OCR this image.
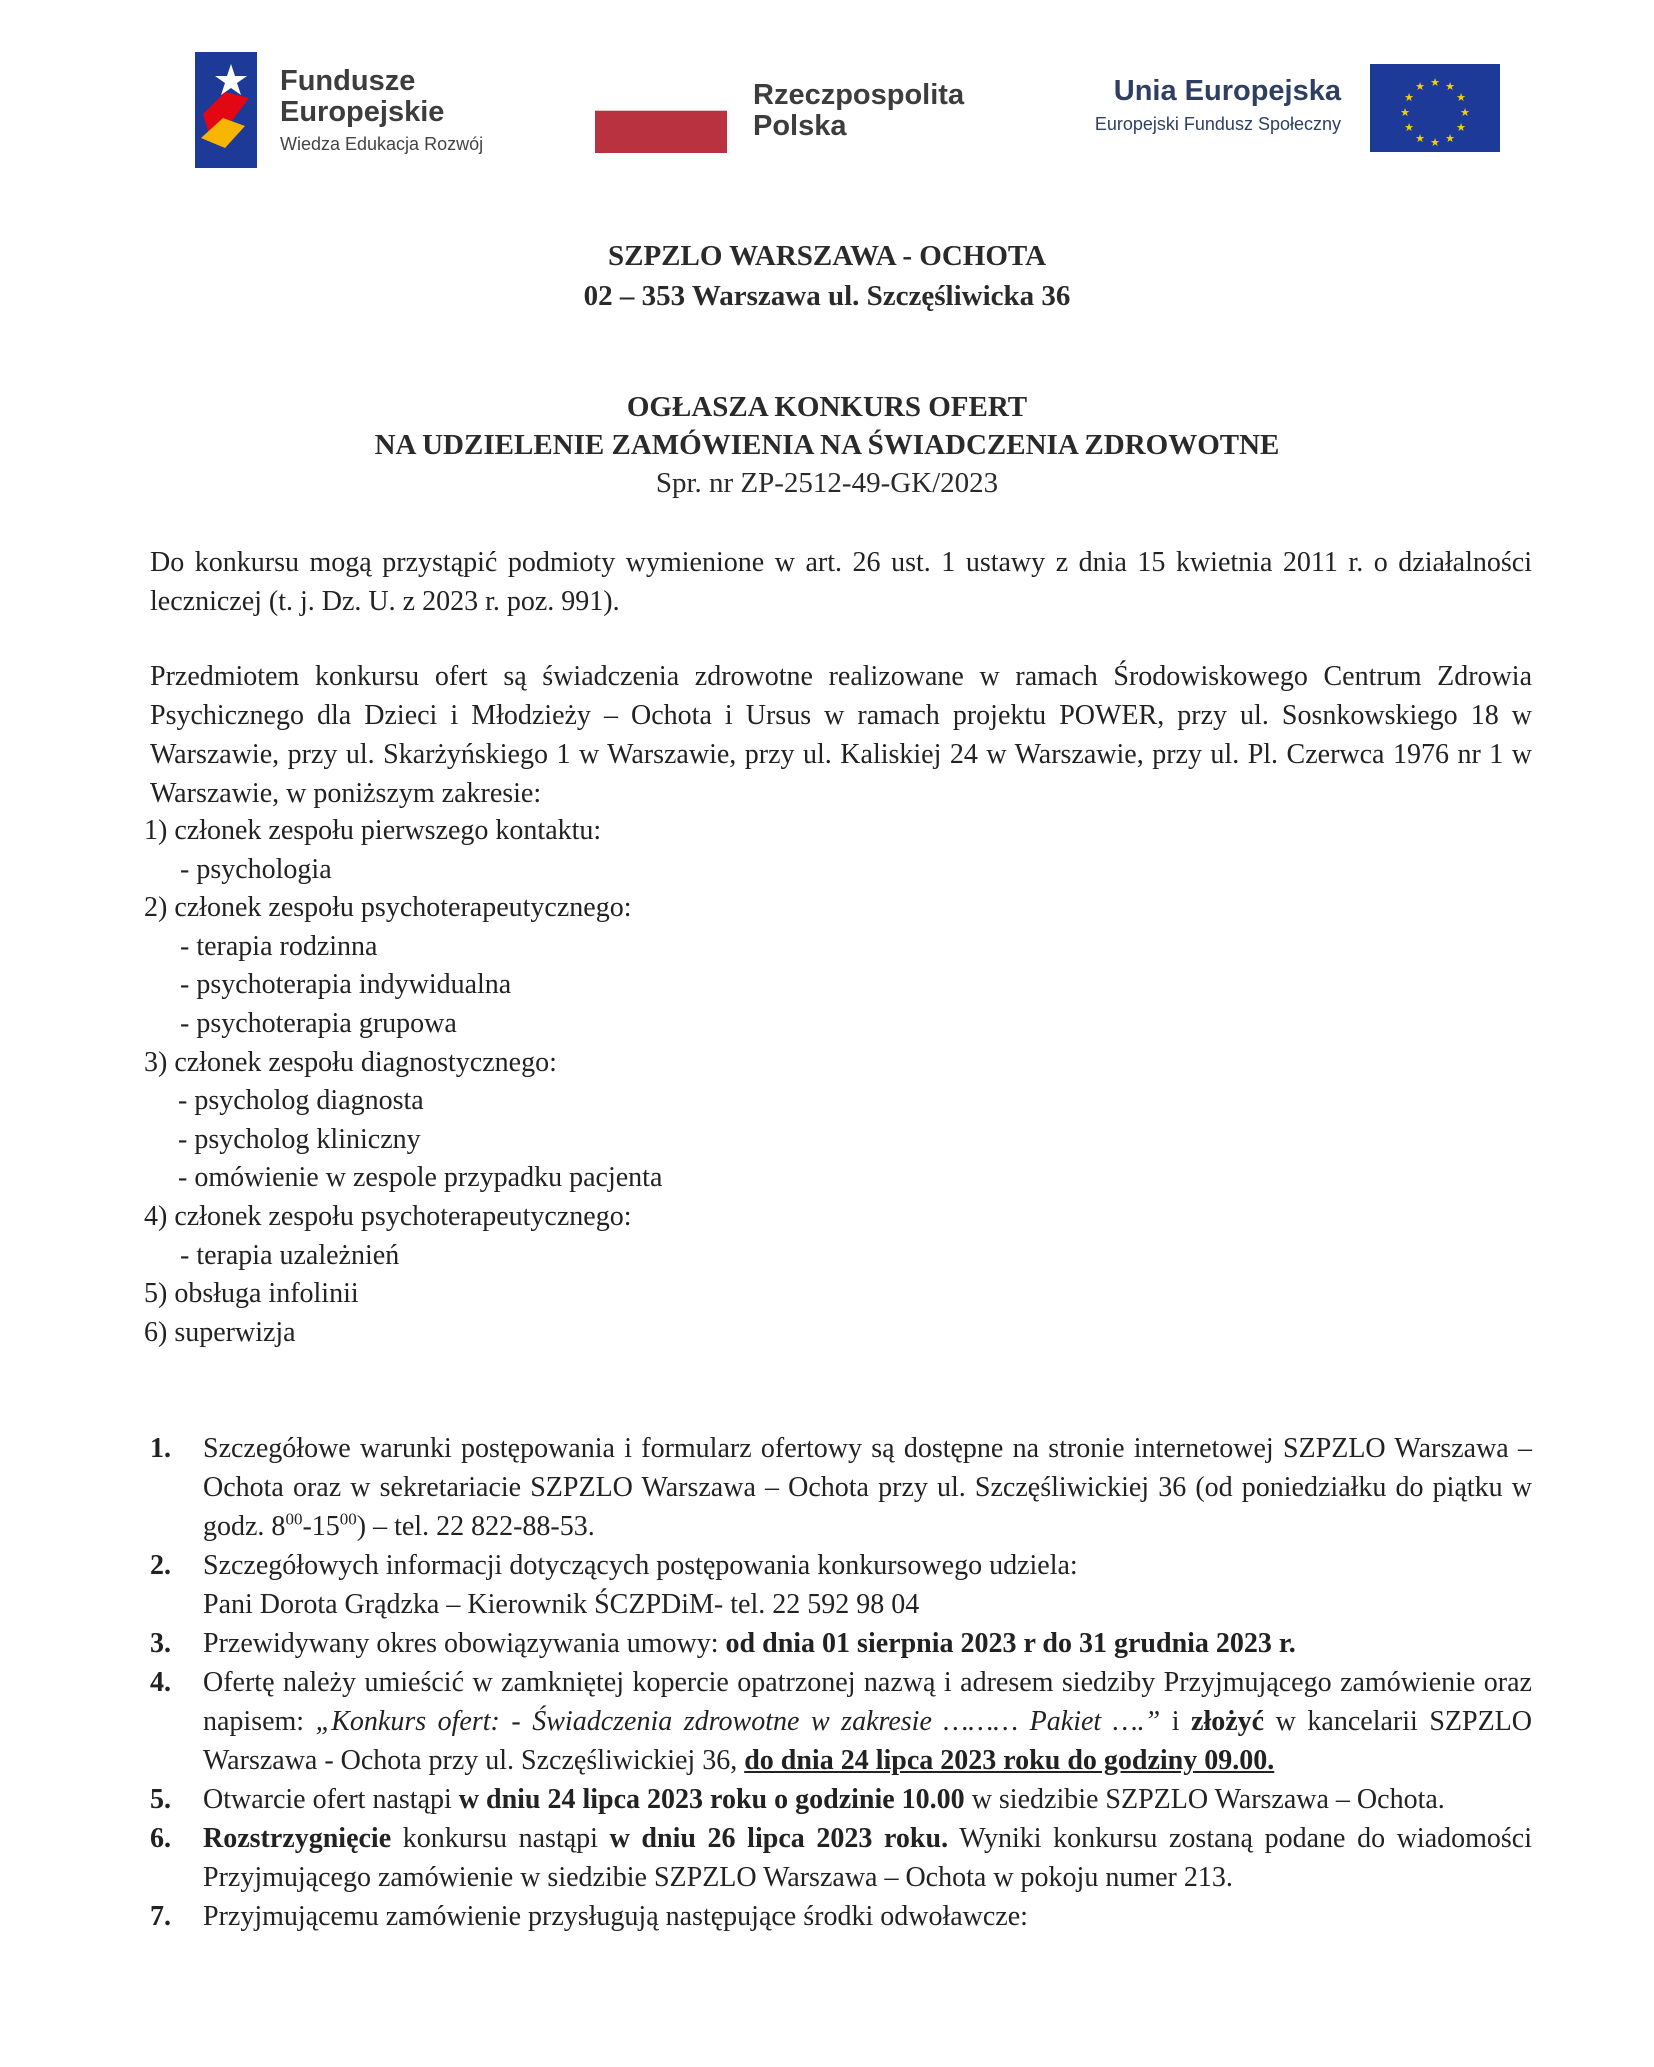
Fundusze
Europejskie
Wiedza Edukacja Rozwój
Rzeczpospolita
Polska
Unia Europejska
Europejski Fundusz Społeczny
★ ★
★
★
★
★
★
★
★
★
★
★
SZPZLO WARSZAWA - OCHOTA
02 – 353 Warszawa ul. Szczęśliwicka 36
OGŁASZA KONKURS OFERT
NA UDZIELENIE ZAMÓWIENIA NA ŚWIADCZENIA ZDROWOTNE
Spr. nr ZP-2512-49-GK/2023
Do konkursu mogą przystąpić podmioty wymienione w art. 26 ust. 1 ustawy z dnia 15 kwietnia 2011 r. o działalności leczniczej (t. j. Dz. U. z 2023 r. poz. 991).
Przedmiotem konkursu ofert są świadczenia zdrowotne realizowane w ramach Środowiskowego Centrum Zdrowia Psychicznego dla Dzieci i Młodzieży – Ochota i Ursus w ramach projektu POWER, przy ul. Sosnkowskiego 18 w Warszawie, przy ul. Skarżyńskiego 1 w Warszawie, przy ul. Kaliskiej 24 w Warszawie, przy ul. Pl. Czerwca 1976 nr 1 w Warszawie, w poniższym zakresie:
1) członek zespołu pierwszego kontaktu:
- psychologia
2) członek zespołu psychoterapeutycznego:
- terapia rodzinna
- psychoterapia indywidualna
- psychoterapia grupowa
3) członek zespołu diagnostycznego:
- psycholog diagnosta
- psycholog kliniczny
- omówienie w zespole przypadku pacjenta
4) członek zespołu psychoterapeutycznego:
- terapia uzależnień
5) obsługa infolinii
6) superwizja
1. Szczegółowe warunki postępowania i formularz ofertowy są dostępne na stronie internetowej SZPZLO Warszawa – Ochota oraz w sekretariacie SZPZLO Warszawa – Ochota przy ul. Szczęśliwickiej 36 (od poniedziałku do piątku w godz. $8^{00}-15^{00}$) – tel. 22 822-88-53.
2. Szczegółowych informacji dotyczących postępowania konkursowego udziela:
Pani Dorota Grądzka – Kierownik ŚCZPDiM- tel. 22 592 98 04
3. Przewidywany okres obowiązywania umowy: od dnia 01 sierpnia 2023 r do 31 grudnia 2023 r.
4. Ofertę należy umieścić w zamkniętej kopercie opatrzonej nazwą i adresem siedziby Przyjmującego zamówienie oraz napisem: „Konkurs ofert: - Świadczenia zdrowotne w zakresie ……… Pakiet ….” i złożyć w kancelarii SZPZLO Warszawa - Ochota przy ul. Szczęśliwickiej 36, do dnia 24 lipca 2023 roku do godziny 09.00.
5. Otwarcie ofert nastąpi w dniu 24 lipca 2023 roku o godzinie 10.00 w siedzibie SZPZLO Warszawa – Ochota.
6. Rozstrzygnięcie konkursu nastąpi w dniu 26 lipca 2023 roku. Wyniki konkursu zostaną podane do wiadomości Przyjmującego zamówienie w siedzibie SZPZLO Warszawa – Ochota w pokoju numer 213.
7. Przyjmującemu zamówienie przysługują następujące środki odwoławcze:
